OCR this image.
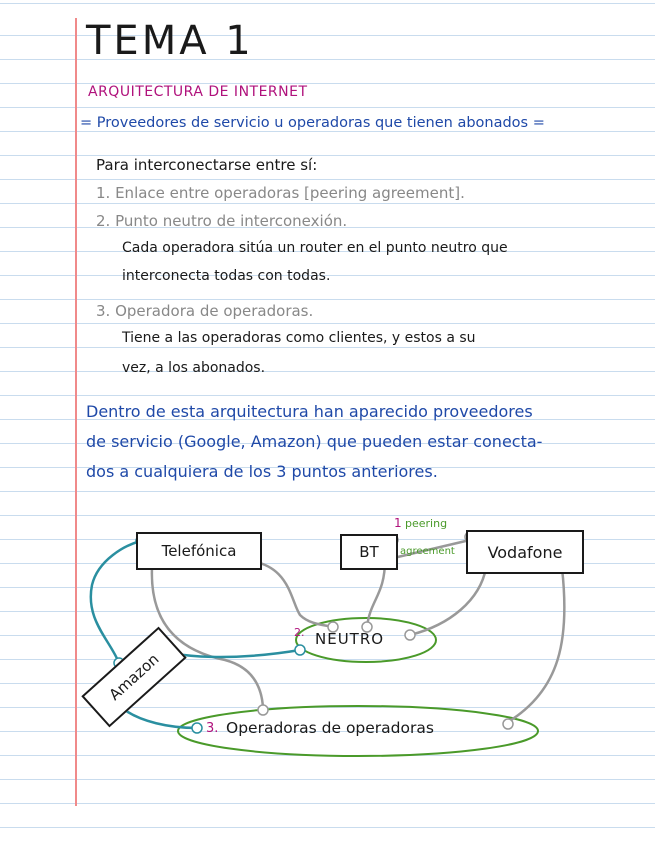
TEMA 1
ARQUITECTURA DE INTERNET
= Proveedores de servicio u operadoras que tienen abonados =
Para interconectarse entre sí:
1. Enlace entre operadoras [peering agreement].
2. Punto neutro de interconexión.
Cada operadora sitúa un router en el punto neutro que
interconecta todas con todas.
3. Operadora de operadoras.
Tiene a las operadoras como clientes, y estos a su
vez, a los abonados.
Dentro de esta arquitectura han aparecido proveedores
de servicio (Google, Amazon) que pueden estar conecta-
dos a cualquiera de los 3 puntos anteriores.
Telefónica	BT	Vodafone
Amazon
1 peering
agreement
2. NEUTRO
3. Operadoras de operadoras
